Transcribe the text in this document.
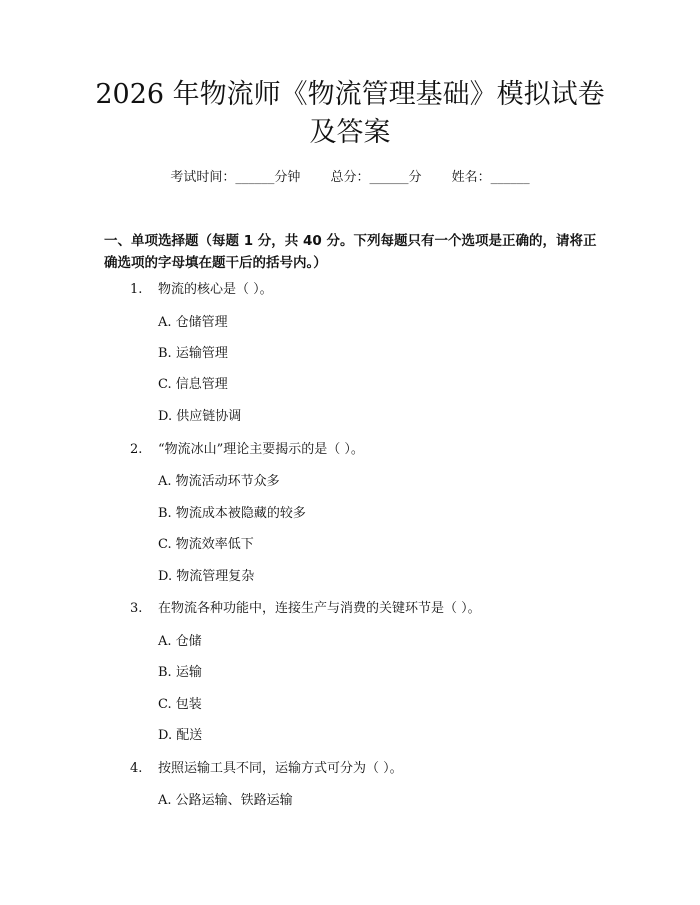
2026 年物流师《物流管理基础》模拟试卷及答案
考试时间：______分钟 总分：______分 姓名：______

一、单项选择题（每题 1 分，共 40 分。下列每题只有一个选项是正确的，请将正确选项的字母填在题干后的括号内。）

1. 物流的核心是（ ）。
A. 仓储管理
B. 运输管理
C. 信息管理
D. 供应链协调
2. “物流冰山”理论主要揭示的是（ ）。
A. 物流活动环节众多
B. 物流成本被隐藏的较多
C. 物流效率低下
D. 物流管理复杂
3. 在物流各种功能中，连接生产与消费的关键环节是（ ）。
A. 仓储
B. 运输
C. 包装
D. 配送
4. 按照运输工具不同，运输方式可分为（ ）。
A. 公路运输、铁路运输
